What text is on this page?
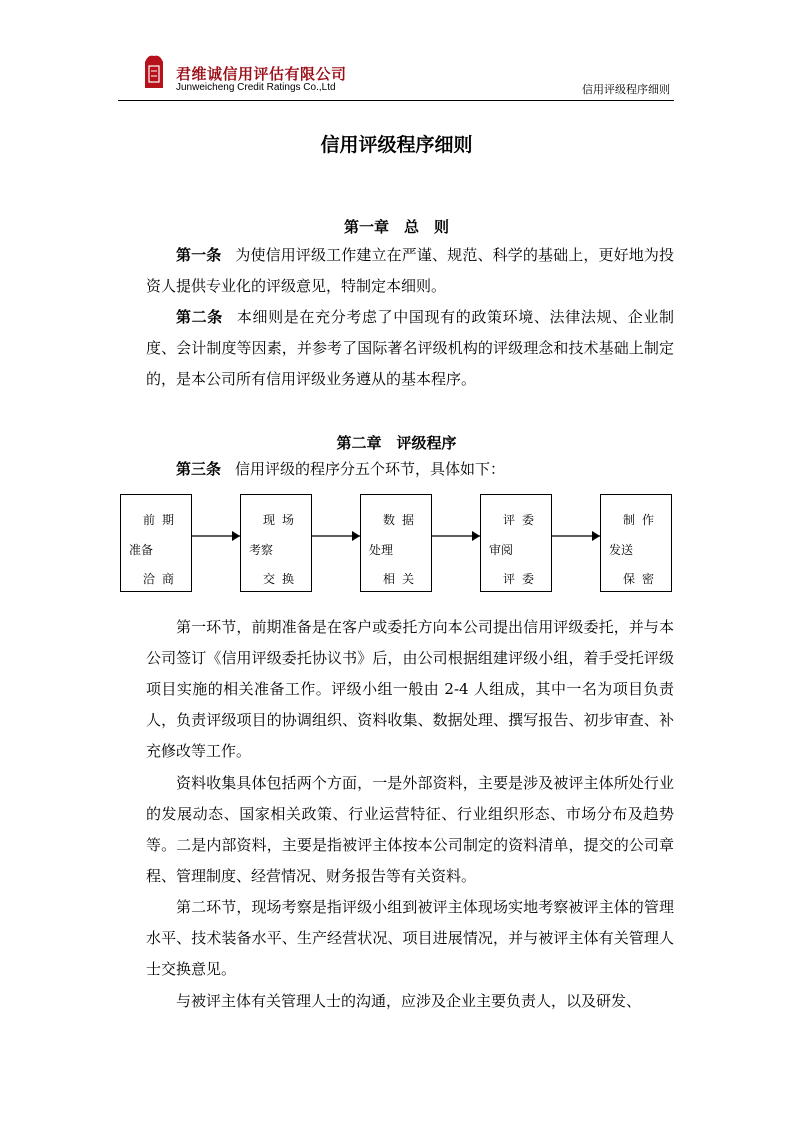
君维诚信用评估有限公司
Junweicheng Credit Ratings Co.,Ltd	信用评级程序细则
信用评级程序细则
第一章　总　则

第一条 为使信用评级工作建立在严谨、规范、科学的基础上，更好地为投资人提供专业化的评级意见，特制定本细则。

第二条 本细则是在充分考虑了中国现有的政策环境、法律法规、企业制度、会计制度等因素，并参考了国际著名评级机构的评级理念和技术基础上制定的，是本公司所有信用评级业务遵从的基本程序。

第二章　评级程序

第三条 信用评级的程序分五个环节，具体如下：

前期
准备
洽商
现场
考察
交换
数据
处理
相关
评委
审阅
评委
制作
发送
保密

第一环节，前期准备是在客户或委托方向本公司提出信用评级委托，并与本公司签订《信用评级委托协议书》后，由公司根据组建评级小组，着手受托评级项目实施的相关准备工作。评级小组一般由 2-4 人组成，其中一名为项目负责人，负责评级项目的协调组织、资料收集、数据处理、撰写报告、初步审查、补充修改等工作。

资料收集具体包括两个方面，一是外部资料，主要是涉及被评主体所处行业的发展动态、国家相关政策、行业运营特征、行业组织形态、市场分布及趋势等。二是内部资料，主要是指被评主体按本公司制定的资料清单，提交的公司章程、管理制度、经营情况、财务报告等有关资料。

第二环节，现场考察是指评级小组到被评主体现场实地考察被评主体的管理水平、技术装备水平、生产经营状况、项目进展情况，并与被评主体有关管理人士交换意见。

与被评主体有关管理人士的沟通，应涉及企业主要负责人，以及研发、
